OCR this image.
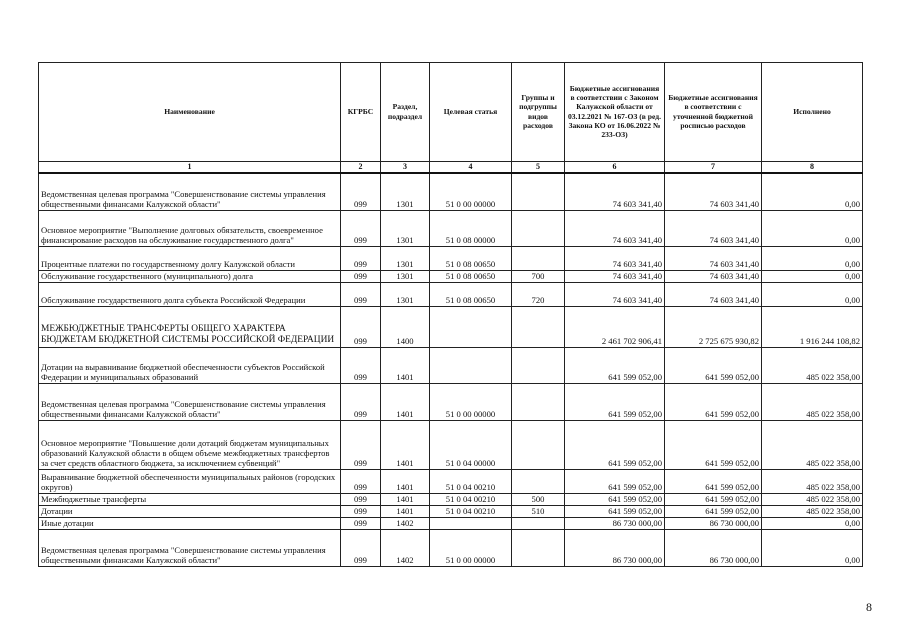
Наименование	КГРБС	Раздел, подраздел	Целевая статья	Группы и подгруппы видов расходов	Бюджетные ассигнования в соответствии с Законом Калужской области от 03.12.2021 № 167-ОЗ (в ред. Закона КО от 16.06.2022 № 233-ОЗ)	Бюджетные ассигнования в соответствии с уточненной бюджетной росписью расходов	Исполнено
1	2	3	4	5	6	7	8
Ведомственная целевая программа "Совершенствование системы управления общественными финансами Калужской области"	099	1301	51 0 00 00000		74 603 341,40	74 603 341,40	0,00
Основное мероприятие "Выполнение долговых обязательств, своевременное финансирование расходов на обслуживание государственного долга"	099	1301	51 0 08 00000		74 603 341,40	74 603 341,40	0,00
Процентные платежи по государственному долгу Калужской области	099	1301	51 0 08 00650		74 603 341,40	74 603 341,40	0,00
Обслуживание государственного (муниципального) долга	099	1301	51 0 08 00650	700	74 603 341,40	74 603 341,40	0,00
Обслуживание государственного долга субъекта Российской Федерации	099	1301	51 0 08 00650	720	74 603 341,40	74 603 341,40	0,00
МЕЖБЮДЖЕТНЫЕ ТРАНСФЕРТЫ ОБЩЕГО ХАРАКТЕРА БЮДЖЕТАМ БЮДЖЕТНОЙ СИСТЕМЫ РОССИЙСКОЙ ФЕДЕРАЦИИ	099	1400			2 461 702 906,41	2 725 675 930,82	1 916 244 108,82
Дотации на выравнивание бюджетной обеспеченности субъектов Российской Федерации и муниципальных образований	099	1401			641 599 052,00	641 599 052,00	485 022 358,00
Ведомственная целевая программа "Совершенствование системы управления общественными финансами Калужской области"	099	1401	51 0 00 00000		641 599 052,00	641 599 052,00	485 022 358,00
Основное мероприятие "Повышение доли дотаций бюджетам муниципальных образований Калужской области в общем объеме межбюджетных трансфертов за счет средств областного бюджета, за исключением субвенций"	099	1401	51 0 04 00000		641 599 052,00	641 599 052,00	485 022 358,00
Выравнивание бюджетной обеспеченности муниципальных районов (городских округов)	099	1401	51 0 04 00210		641 599 052,00	641 599 052,00	485 022 358,00
Межбюджетные трансферты	099	1401	51 0 04 00210	500	641 599 052,00	641 599 052,00	485 022 358,00
Дотации	099	1401	51 0 04 00210	510	641 599 052,00	641 599 052,00	485 022 358,00
Иные дотации	099	1402			86 730 000,00	86 730 000,00	0,00
Ведомственная целевая программа "Совершенствование системы управления общественными финансами Калужской области"	099	1402	51 0 00 00000		86 730 000,00	86 730 000,00	0,00
8
